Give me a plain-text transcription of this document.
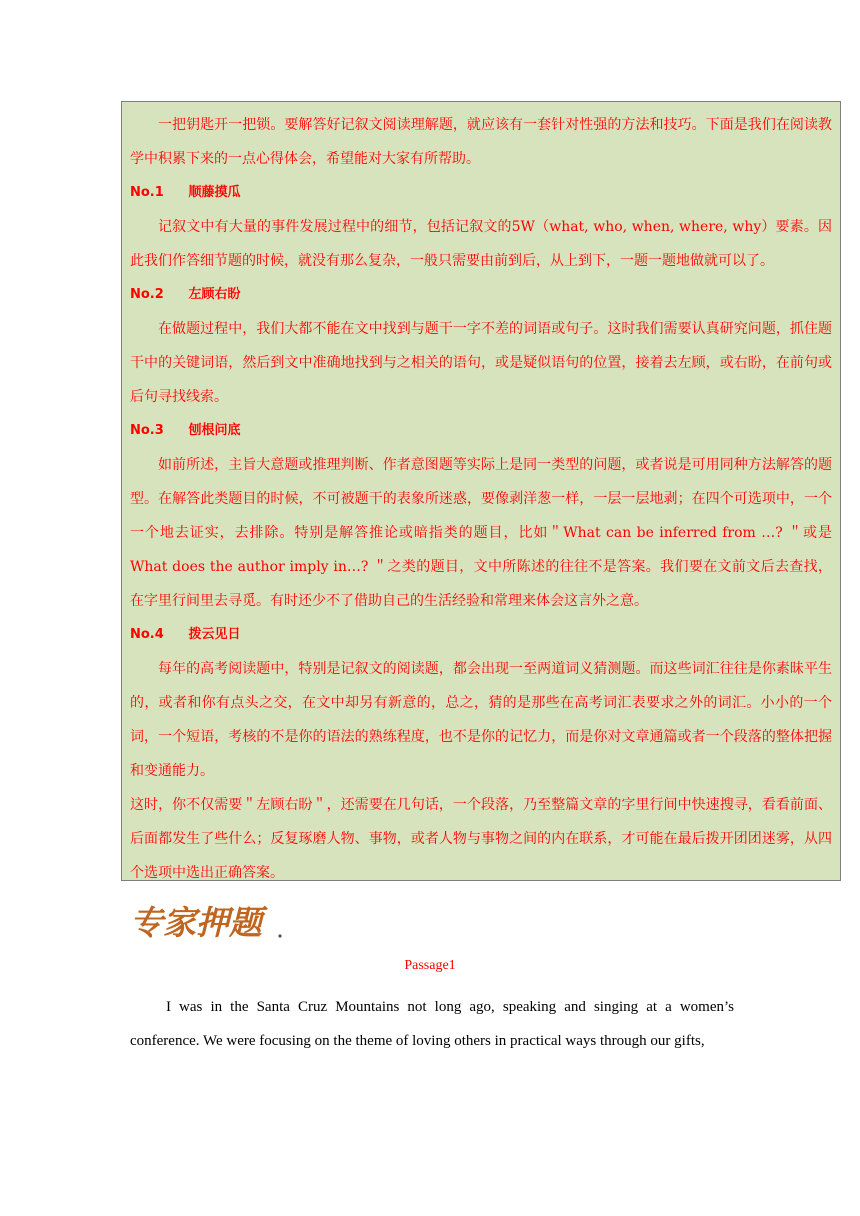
一把钥匙开一把锁。要解答好记叙文阅读理解题，就应该有一套针对性强的方法和技巧。下面是我们在阅读教学中积累下来的一点心得体会，希望能对大家有所帮助。

No.1 顺藤摸瓜

记叙文中有大量的事件发展过程中的细节，包括记叙文的5W（what, who, when, where, why）要素。因此我们作答细节题的时候，就没有那么复杂，一般只需要由前到后，从上到下，一题一题地做就可以了。

No.2 左顾右盼

在做题过程中，我们大都不能在文中找到与题干一字不差的词语或句子。这时我们需要认真研究问题，抓住题干中的关键词语，然后到文中准确地找到与之相关的语句，或是疑似语句的位置，接着去左顾，或右盼，在前句或后句寻找线索。

No.3 刨根问底

如前所述，主旨大意题或推理判断、作者意图题等实际上是同一类型的问题，或者说是可用同种方法解答的题型。在解答此类题目的时候，不可被题干的表象所迷惑，要像剥洋葱一样，一层一层地剥；在四个可选项中，一个一个地去证实，去排除。特别是解答推论或暗指类的题目，比如＂What can be inferred from …? ＂或是 What does the author imply in…? ＂之类的题目，文中所陈述的往往不是答案。我们要在文前文后去查找，在字里行间里去寻觅。有时还少不了借助自己的生活经验和常理来体会这言外之意。

No.4 拨云见日

每年的高考阅读题中，特别是记叙文的阅读题，都会出现一至两道词义猜测题。而这些词汇往往是你素昧平生的，或者和你有点头之交，在文中却另有新意的，总之，猜的是那些在高考词汇表要求之外的词汇。小小的一个词，一个短语，考核的不是你的语法的熟练程度，也不是你的记忆力，而是你对文章通篇或者一个段落的整体把握和变通能力。

这时，你不仅需要＂左顾右盼＂，还需要在几句话，一个段落，乃至整篇文章的字里行间中快速搜寻，看看前面、后面都发生了些什么；反复琢磨人物、事物，或者人物与事物之间的内在联系，才可能在最后拨开团团迷雾，从四个选项中选出正确答案。

专家押题
Passage1

I was in the Santa Cruz Mountains not long ago, speaking and singing at a women’s conference. We were focusing on the theme of loving others in practical ways through our gifts,
